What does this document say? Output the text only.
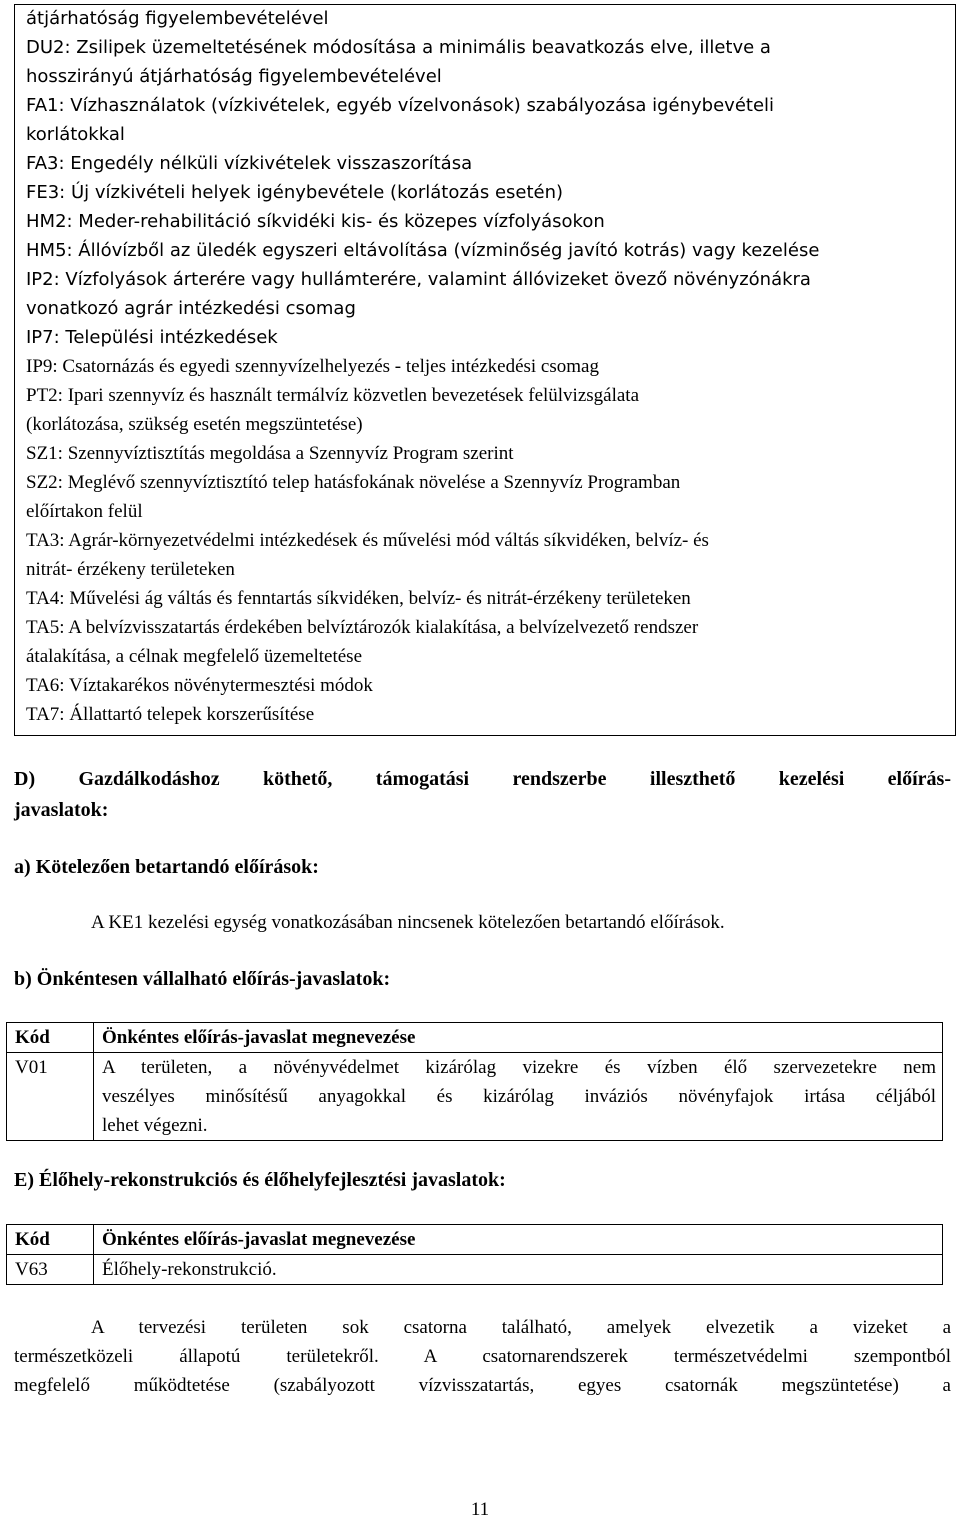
átjárhatóság figyelembevételével
DU2: Zsilipek üzemeltetésének módosítása a minimális beavatkozás elve, illetve a
hosszirányú átjárhatóság figyelembevételével
FA1: Vízhasználatok (vízkivételek, egyéb vízelvonások) szabályozása igénybevételi
korlátokkal
FA3: Engedély nélküli vízkivételek visszaszorítása
FE3: Új vízkivételi helyek igénybevétele (korlátozás esetén)
HM2: Meder-rehabilitáció síkvidéki kis- és közepes vízfolyásokon
HM5: Állóvízből az üledék egyszeri eltávolítása (vízminőség javító kotrás) vagy kezelése
IP2: Vízfolyások árterére vagy hullámterére, valamint állóvizeket övező növényzónákra
vonatkozó agrár intézkedési csomag
IP7: Települési intézkedések
IP9: Csatornázás és egyedi szennyvízelhelyezés - teljes intézkedési csomag
PT2: Ipari szennyvíz és használt termálvíz közvetlen bevezetések felülvizsgálata
(korlátozása, szükség esetén megszüntetése)
SZ1: Szennyvíztisztítás megoldása a Szennyvíz Program szerint
SZ2: Meglévő szennyvíztisztító telep hatásfokának növelése a Szennyvíz Programban
előírtakon felül
TA3: Agrár-környezetvédelmi intézkedések és művelési mód váltás síkvidéken, belvíz- és
nitrát- érzékeny területeken
TA4: Művelési ág váltás és fenntartás síkvidéken, belvíz- és nitrát-érzékeny területeken
TA5: A belvízvisszatartás érdekében belvíztározók kialakítása, a belvízelvezető rendszer
átalakítása, a célnak megfelelő üzemeltetése
TA6: Víztakarékos növénytermesztési módok
TA7: Állattartó telepek korszerűsítése
D) Gazdálkodáshoz köthető, támogatási rendszerbe illeszthető kezelési előírás-
javaslatok:
a) Kötelezően betartandó előírások:
A KE1 kezelési egység vonatkozásában nincsenek kötelezően betartandó előírások.
b) Önkéntesen vállalható előírás-javaslatok:
Kód	Önkéntes előírás-javaslat megnevezése
V01	A területen, a növényvédelmet kizárólag vizekre és vízben élő szervezetekre nem
veszélyes minősítésű anyagokkal és kizárólag inváziós növényfajok irtása céljából
lehet végezni.
E) Élőhely-rekonstrukciós és élőhelyfejlesztési javaslatok:
Kód	Önkéntes előírás-javaslat megnevezése
V63	Élőhely-rekonstrukció.
A tervezési területen sok csatorna található, amelyek elvezetik a vizeket a
természetközeli állapotú területekről. A csatornarendszerek természetvédelmi szempontból
megfelelő működtetése (szabályozott vízvisszatartás, egyes csatornák megszüntetése) a
11
